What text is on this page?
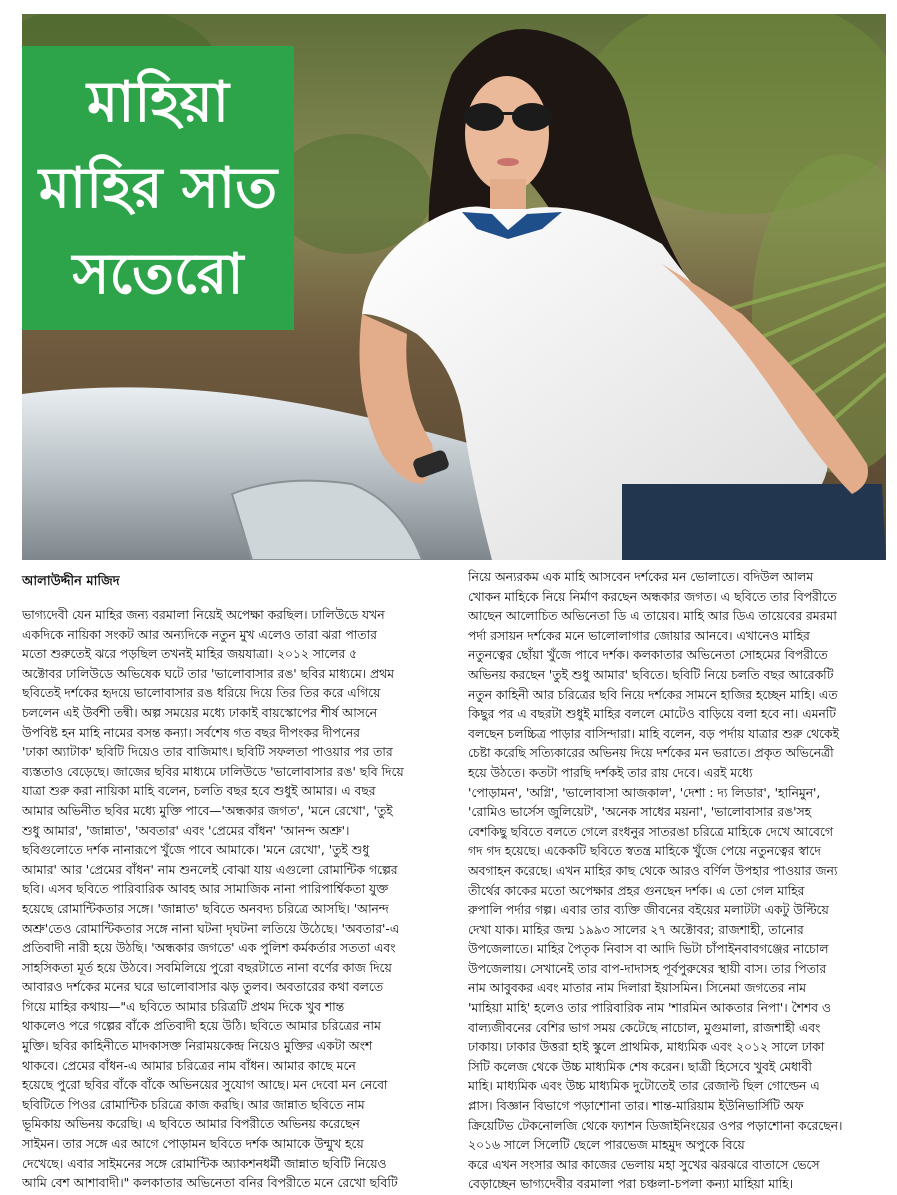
মাহিয়া
মাহির সাত
সতেরো
আলাউদ্দীন মাজিদ
ভাগ্যদেবী যেন মাহির জন্য বরমালা নিয়েই অপেক্ষা করছিল। ঢালিউডে যখন
একদিকে নায়িকা সংকট আর অন্যদিকে নতুন মুখ এলেও তারা ঝরা পাতার
মতো শুরুতেই ঝরে পড়ছিল তখনই মাহির জয়যাত্রা। ২০১২ সালের ৫
অক্টোবর ঢালিউডে অভিষেক ঘটে তার 'ভালোবাসার রঙ' ছবির মাধ্যমে। প্রথম
ছবিতেই দর্শকের হৃদয়ে ভালোবাসার রঙ ধরিয়ে দিয়ে তির তির করে এগিয়ে
চললেন এই উর্বশী তন্বী। অল্প সময়ের মধ্যে ঢাকাই বায়স্কোপের শীর্ষ আসনে
উপবিষ্ট হন মাহি নামের বসন্ত কন্যা। সর্বশেষ গত বছর দীপংকর দীপনের
'ঢাকা অ্যাটাক' ছবিটি দিয়েও তার বাজিমাৎ। ছবিটি সফলতা পাওয়ার পর তার
ব্যস্ততাও বেড়েছে। জাজের ছবির মাধ্যমে ঢালিউডে 'ভালোবাসার রঙ' ছবি দিয়ে
যাত্রা শুরু করা নায়িকা মাহি বলেন, চলতি বছর হবে শুধুই আমার। এ বছর
আমার অভিনীত ছবির মধ্যে মুক্তি পাবে—'অন্ধকার জগত', 'মনে রেখো', 'তুই
শুধু আমার', 'জান্নাত', 'অবতার' এবং 'প্রেমের বাঁধন' 'আনন্দ অশ্রু'।
ছবিগুলোতে দর্শক নানারূপে খুঁজে পাবে আমাকে। 'মনে রেখো', 'তুই শুধু
আমার' আর 'প্রেমের বাঁধন' নাম শুনলেই বোঝা যায় এগুলো রোমান্টিক গল্পের
ছবি। এসব ছবিতে পারিবারিক আবহ আর সামাজিক নানা পারিপার্শ্বিকতা যুক্ত
হয়েছে রোমান্টিকতার সঙ্গে। 'জান্নাত' ছবিতে অনবদ্য চরিত্রে আসছি। 'আনন্দ
অশ্রু'তেও রোমান্টিকতার সঙ্গে নানা ঘটনা দৃঘটনা লতিয়ে উঠেছে। 'অবতার'-এ
প্রতিবাদী নারী হয়ে উঠছি। 'অন্ধকার জগতে' এক পুলিশ কর্মকর্তার সততা এবং
সাহসিকতা মূর্ত হয়ে উঠবে। সবমিলিয়ে পুরো বছরটাতে নানা বর্ণের কাজ দিয়ে
আবারও দর্শকের মনের ঘরে ভালোবাসার ঝড় তুলব। অবতারের কথা বলতে
গিয়ে মাহির কথায়—"এ ছবিতে আমার চরিত্রটি প্রথম দিকে খুব শান্ত
থাকলেও পরে গল্পের বাঁকে প্রতিবাদী হয়ে উঠি। ছবিতে আমার চরিত্রের নাম
মুক্তি। ছবির কাহিনীতে মাদকাসক্ত নিরাময়কেন্দ্র নিয়েও মুক্তির একটা অংশ
থাকবে। প্রেমের বাঁধন-এ আমার চরিত্রের নাম বাঁধন। আমার কাছে মনে
হয়েছে পুরো ছবির বাঁকে বাঁকে অভিনয়ের সুযোগ আছে। মন দেবো মন নেবো
ছবিটিতে পিওর রোমান্টিক চরিত্রে কাজ করছি। আর জান্নাত ছবিতে নাম
ভূমিকায় অভিনয় করেছি। এ ছবিতে আমার বিপরীতে অভিনয় করেছেন
সাইমন। তার সঙ্গে এর আগে পোড়ামন ছবিতে দর্শক আমাকে উন্মুখ হয়ে
দেখেছে। এবার সাইমনের সঙ্গে রোমান্টিক অ্যাকশনধর্মী জান্নাত ছবিটি নিয়েও
আমি বেশ আশাবাদী।" কলকাতার অভিনেতা বনির বিপরীতে মনে রেখো ছবিটি
নিয়ে অন্যরকম এক মাহি আসবেন দর্শকের মন ভোলাতে। বদিউল আলম
খোকন মাহিকে নিয়ে নির্মাণ করছেন অন্ধকার জগত। এ ছবিতে তার বিপরীতে
আছেন আলোচিত অভিনেতা ডি এ তায়েব। মাহি আর ডিএ তায়েবের রমরমা
পর্দা রসায়ন দর্শকের মনে ভালোলাগার জোয়ার আনবে। এখানেও মাহির
নতুনত্বের ছোঁয়া খুঁজে পাবে দর্শক। কলকাতার অভিনেতা সোহমের বিপরীতে
অভিনয় করছেন 'তুই শুধু আমার' ছবিতে। ছবিটি নিয়ে চলতি বছর আরেকটি
নতুন কাহিনী আর চরিত্রের ছবি নিয়ে দর্শকের সামনে হাজির হচ্ছেন মাহি। এত
কিছুর পর এ বছরটা শুধুই মাহির বললে মোটেও বাড়িয়ে বলা হবে না। এমনটি
বলছেন চলচ্চিত্র পাড়ার বাসিন্দারা। মাহি বলেন, বড় পর্দায় যাত্রার শুরু থেকেই
চেষ্টা করেছি সত্যিকারের অভিনয় দিয়ে দর্শকের মন ভরাতে। প্রকৃত অভিনেত্রী
হয়ে উঠতে। কতটা পারছি দর্শকই তার রায় দেবে। এরই মধ্যে
'পোড়ামন', 'অগ্নি', 'ভালোবাসা আজকাল', 'দেশা : দ্য লিডার', 'হানিমুন',
'রোমিও ভার্সেস জুলিয়েট', 'অনেক সাধের ময়না', 'ভালোবাসার রঙ'সহ
বেশকিছু ছবিতে বলতে গেলে রংধনুর সাতরঙা চরিত্রে মাহিকে দেখে আবেগে
গদ গদ হয়েছে। একেকটি ছবিতে স্বতন্ত্র মাহিকে খুঁজে পেয়ে নতুনত্বের স্বাদে
অবগাহন করেছে। এখন মাহির কাছ থেকে আরও বর্ণিল উপহার পাওয়ার জন্য
তীর্থের কাকের মতো অপেক্ষার প্রহর গুনছেন দর্শক। এ তো গেল মাহির
রুপালি পর্দার গল্প। এবার তার ব্যক্তি জীবনের বইয়ের মলাটটা একটু উল্টিয়ে
দেখা যাক। মাহির জন্ম ১৯৯৩ সালের ২৭ অক্টোবর; রাজশাহী, তানোর
উপজেলাতে। মাহির পৈতৃক নিবাস বা আদি ভিটা চাঁপাইনবাবগঞ্জের নাচোল
উপজেলায়। সেখানেই তার বাপ-দাদাসহ পূর্বপুরুষের স্থায়ী বাস। তার পিতার
নাম আবুবকর এবং মাতার নাম দিলারা ইয়াসমিন। সিনেমা জগতের নাম
'মাহিয়া মাহি' হলেও তার পারিবারিক নাম 'শারমিন আকতার নিপা'। শৈশব ও
বাল্যজীবনের বেশির ভাগ সময় কেটেছে নাচোল, মুগুমালা, রাজশাহী এবং
ঢাকায়। ঢাকার উত্তরা হাই স্কুলে প্রাথমিক, মাধ্যমিক এবং ২০১২ সালে ঢাকা
সিটি কলেজ থেকে উচ্চ মাধ্যমিক শেষ করেন। ছাত্রী হিসেবে খুবই মেধাবী
মাহি। মাধ্যমিক এবং উচ্চ মাধ্যমিক দুটোতেই তার রেজাল্ট ছিল গোল্ডেন এ
প্লাস। বিজ্ঞান বিভাগে পড়াশোনা তার। শান্ত-মারিয়াম ইউনিভার্সিটি অফ
ক্রিয়েটিভ টেকনোলজি থেকে ফ্যাশন ডিজাইনিংয়ের ওপর পড়াশোনা করেছেন।
২০১৬ সালে সিলেটি ছেলে পারভেজ মাহমুদ অপুকে বিয়ে
করে এখন সংসার আর কাজের ভেলায় মহা সুখের ঝরঝরে বাতাসে ভেসে
বেড়াচ্ছেন ভাগ্যদেবীর বরমালা পরা চঞ্চলা-চপলা কন্যা মাহিয়া মাহি।
